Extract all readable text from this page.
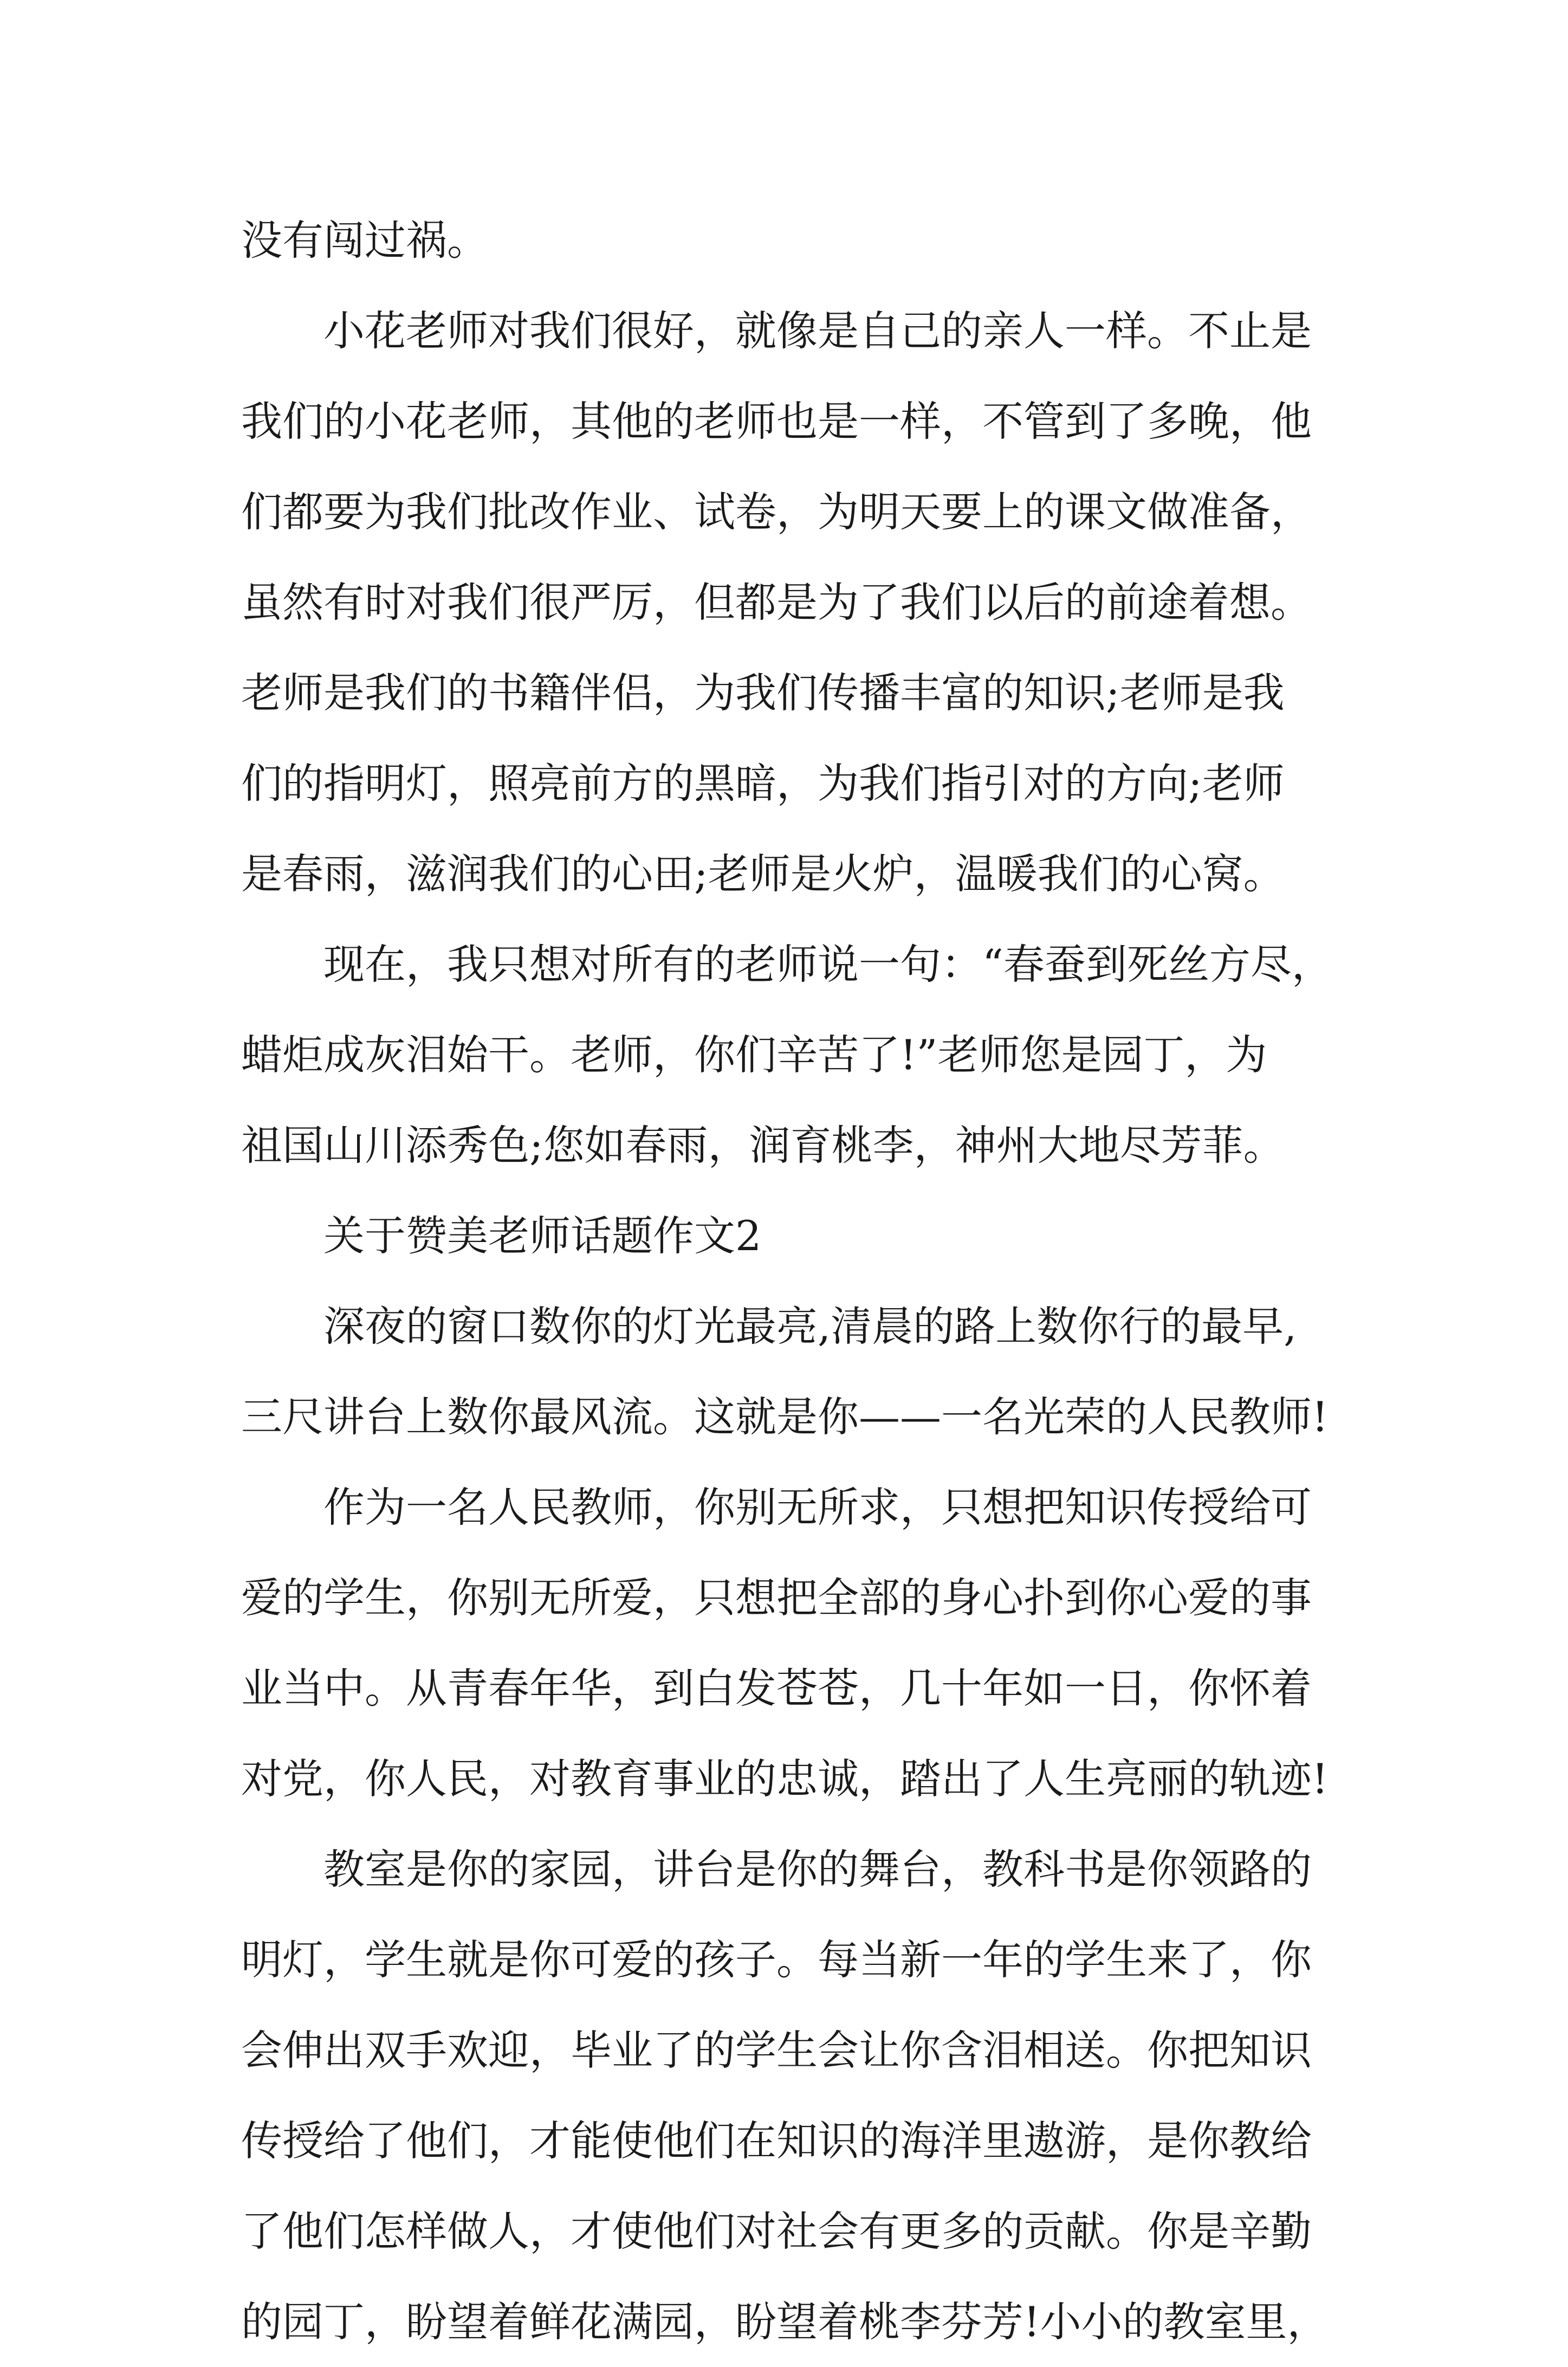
没有闯过祸。
小花老师对我们很好，就像是自己的亲人一样。不止是
我们的小花老师，其他的老师也是一样，不管到了多晚，他
们都要为我们批改作业、试卷，为明天要上的课文做准备，
虽然有时对我们很严厉，但都是为了我们以后的前途着想。
老师是我们的书籍伴侣，为我们传播丰富的知识;老师是我
们的指明灯，照亮前方的黑暗，为我们指引对的方向;老师
是春雨，滋润我们的心田;老师是火炉，温暖我们的心窝。
现在，我只想对所有的老师说一句：“春蚕到死丝方尽，
蜡炬成灰泪始干。老师，你们辛苦了!”老师您是园丁，为
祖国山川添秀色;您如春雨，润育桃李，神州大地尽芳菲。
关于赞美老师话题作文2
深夜的窗口数你的灯光最亮,清晨的路上数你行的最早,
三尺讲台上数你最风流。这就是你——一名光荣的人民教师!
作为一名人民教师，你别无所求，只想把知识传授给可
爱的学生，你别无所爱，只想把全部的身心扑到你心爱的事
业当中。从青春年华，到白发苍苍，几十年如一日，你怀着
对党，你人民，对教育事业的忠诚，踏出了人生亮丽的轨迹!
教室是你的家园，讲台是你的舞台，教科书是你领路的
明灯，学生就是你可爱的孩子。每当新一年的学生来了，你
会伸出双手欢迎，毕业了的学生会让你含泪相送。你把知识
传授给了他们，才能使他们在知识的海洋里遨游，是你教给
了他们怎样做人，才使他们对社会有更多的贡献。你是辛勤
的园丁，盼望着鲜花满园，盼望着桃李芬芳!小小的教室里，
